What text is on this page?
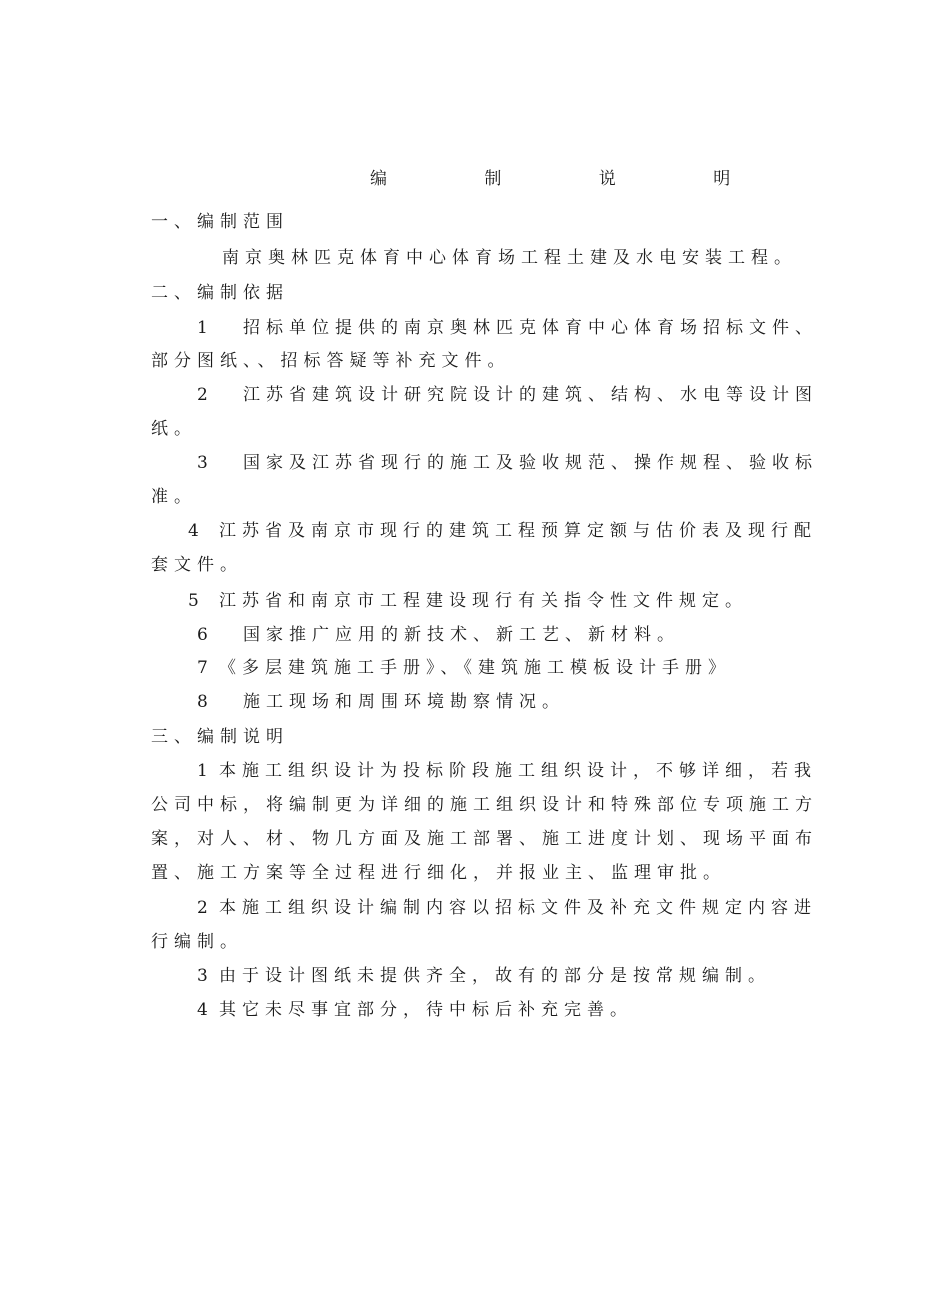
编 制 说 明
一、编制范围
南京奥林匹克体育中心体育场工程土建及水电安装工程。
二、编制依据
1 招标单位提供的南京奥林匹克体育中心体育场招标文件、
部分图纸、、招标答疑等补充文件。
2 江苏省建筑设计研究院设计的建筑、结构、水电等设计图
纸。
3 国家及江苏省现行的施工及验收规范、操作规程、验收标
准。
4 江苏省及南京市现行的建筑工程预算定额与估价表及现行配
套文件。
5 江苏省和南京市工程建设现行有关指令性文件规定。
6 国家推广应用的新技术、新工艺、新材料。
7 《多层建筑施工手册》、《建筑施工模板设计手册》
8 施工现场和周围环境勘察情况。
三、编制说明
1 本施工组织设计为投标阶段施工组织设计，不够详细，若我
公司中标，将编制更为详细的施工组织设计和特殊部位专项施工方
案，对人、材、物几方面及施工部署、施工进度计划、现场平面布
置、施工方案等全过程进行细化，并报业主、监理审批。
2 本施工组织设计编制内容以招标文件及补充文件规定内容进
行编制。
3 由于设计图纸未提供齐全，故有的部分是按常规编制。
4 其它未尽事宜部分，待中标后补充完善。
